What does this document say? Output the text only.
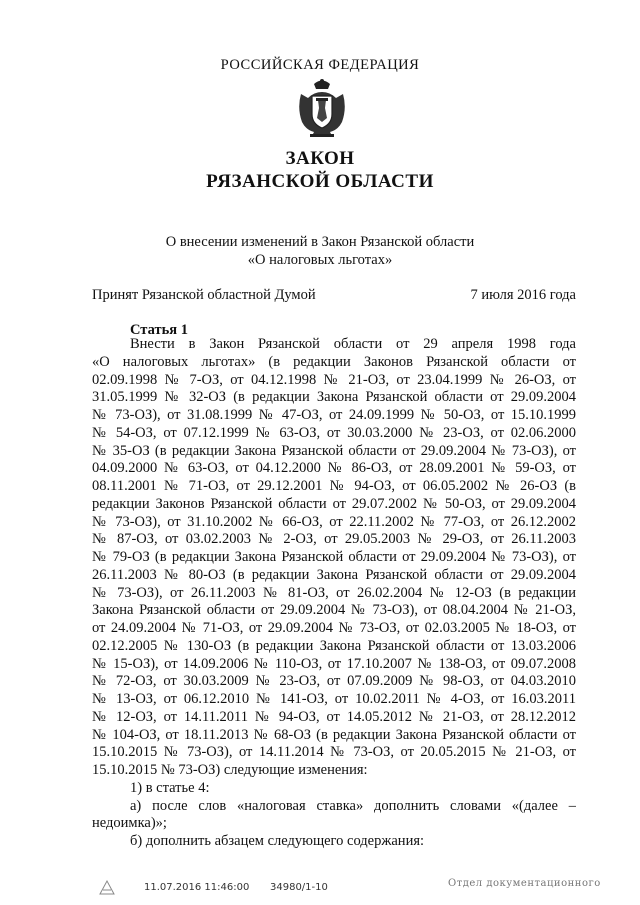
РОССИЙСКАЯ ФЕДЕРАЦИЯ
ЗАКОН
РЯЗАНСКОЙ ОБЛАСТИ
О внесении изменений в Закон Рязанской области
«О налоговых льготах»
Принят Рязанской областной Думой	7 июля 2016 года
Статья 1
Внести в Закон Рязанской области от 29 апреля 1998 года
«О налоговых льготах» (в редакции Законов Рязанской области от
02.09.1998 № 7-ОЗ, от 04.12.1998 № 21-ОЗ, от 23.04.1999 № 26-ОЗ, от
31.05.1999 № 32-ОЗ (в редакции Закона Рязанской области от 29.09.2004
№ 73-ОЗ), от 31.08.1999 № 47-ОЗ, от 24.09.1999 № 50-ОЗ, от 15.10.1999
№ 54-ОЗ, от 07.12.1999 № 63-ОЗ, от 30.03.2000 № 23-ОЗ, от 02.06.2000
№ 35-ОЗ (в редакции Закона Рязанской области от 29.09.2004 № 73-ОЗ), от
04.09.2000 № 63-ОЗ, от 04.12.2000 № 86-ОЗ, от 28.09.2001 № 59-ОЗ, от
08.11.2001 № 71-ОЗ, от 29.12.2001 № 94-ОЗ, от 06.05.2002 № 26-ОЗ (в
редакции Законов Рязанской области от 29.07.2002 № 50-ОЗ, от 29.09.2004
№ 73-ОЗ), от 31.10.2002 № 66-ОЗ, от 22.11.2002 № 77-ОЗ, от 26.12.2002
№ 87-ОЗ, от 03.02.2003 № 2-ОЗ, от 29.05.2003 № 29-ОЗ, от 26.11.2003
№ 79-ОЗ (в редакции Закона Рязанской области от 29.09.2004 № 73-ОЗ), от
26.11.2003 № 80-ОЗ (в редакции Закона Рязанской области от 29.09.2004
№ 73-ОЗ), от 26.11.2003 № 81-ОЗ, от 26.02.2004 № 12-ОЗ (в редакции
Закона Рязанской области от 29.09.2004 № 73-ОЗ), от 08.04.2004 № 21-ОЗ,
от 24.09.2004 № 71-ОЗ, от 29.09.2004 № 73-ОЗ, от 02.03.2005 № 18-ОЗ, от
02.12.2005 № 130-ОЗ (в редакции Закона Рязанской области от 13.03.2006
№ 15-ОЗ), от 14.09.2006 № 110-ОЗ, от 17.10.2007 № 138-ОЗ, от 09.07.2008
№ 72-ОЗ, от 30.03.2009 № 23-ОЗ, от 07.09.2009 № 98-ОЗ, от 04.03.2010
№ 13-ОЗ, от 06.12.2010 № 141-ОЗ, от 10.02.2011 № 4-ОЗ, от 16.03.2011
№ 12-ОЗ, от 14.11.2011 № 94-ОЗ, от 14.05.2012 № 21-ОЗ, от 28.12.2012
№ 104-ОЗ, от 18.11.2013 № 68-ОЗ (в редакции Закона Рязанской области от
15.10.2015 № 73-ОЗ), от 14.11.2014 № 73-ОЗ, от 20.05.2015 № 21-ОЗ, от
15.10.2015 № 73-ОЗ) следующие изменения:
1) в статье 4:
а) после слов «налоговая ставка» дополнить словами «(далее –
недоимка)»;
б) дополнить абзацем следующего содержания:
11.07.2016 11:46:00 34980/1-10	Отдел документационного
